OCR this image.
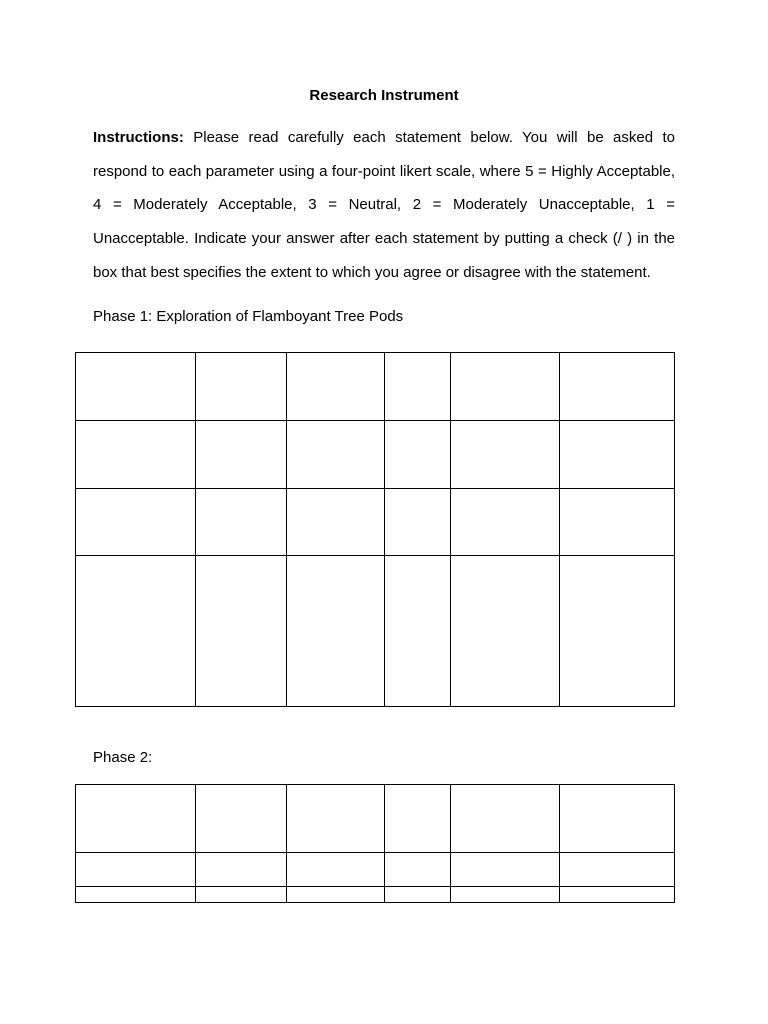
Research Instrument

Instructions: Please read carefully each statement below. You will be asked to respond to each parameter using a four-point likert scale, where 5 = Highly Acceptable, 4 = Moderately Acceptable, 3 = Neutral, 2 = Moderately Unacceptable, 1 = Unacceptable. Indicate your answer after each statement by putting a check (/ ) in the box that best specifies the extent to which you agree or disagree with the statement.

Phase 1: Exploration of Flamboyant Tree Pods

Phase 2:
